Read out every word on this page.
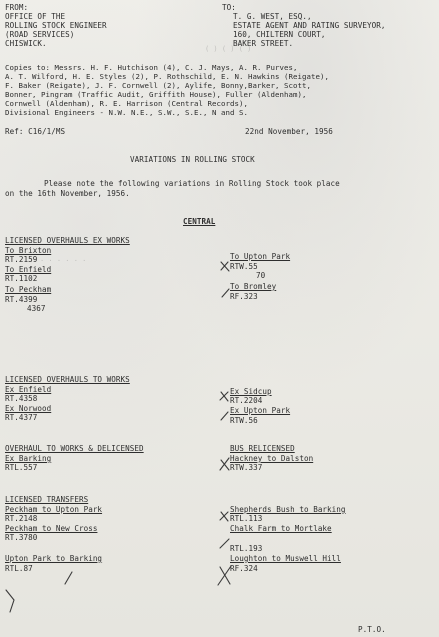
( ) ( ) ( )
· · · · · ·
FROM:
OFFICE OF THE
ROLLING STOCK ENGINEER
(ROAD SERVICES)
CHISWICK.
TO:
T. G. WEST, ESQ.,
ESTATE AGENT AND RATING SURVEYOR,
160, CHILTERN COURT,
BAKER STREET.
Copies to: Messrs. H. F. Hutchison (4), C. J. Mays, A. R. Purves,
A. T. Wilford, H. E. Styles (2), P. Rothschild, E. N. Hawkins (Reigate),
F. Baker (Reigate), J. F. Cornwell (2), Aylife, Bonny,Barker, Scott,
Bonner, Pingram (Traffic Audit, Griffith House), Fuller (Aldenham),
Cornwell (Aldenham), R. E. Harrison (Central Records),
Divisional Engineers - N.W. N.E., S.W., S.E., N and S.
Ref: C16/1/MS	22nd November, 1956
VARIATIONS IN ROLLING STOCK
Please note the following variations in Rolling Stock took place
on the 16th November, 1956.
CENTRAL
LICENSED OVERHAULS EX WORKS
To Brixton
RT.2159
To Enfield
RT.1102
To Peckham
RT.4399
4367
To Upton Park
RTW.55
70
To Bromley
RF.323
LICENSED OVERHAULS TO WORKS
Ex Enfield
RT.4358
Ex Norwood
RT.4377
Ex Sidcup
RT.2204
Ex Upton Park
RTW.56
OVERHAUL TO WORKS & DELICENSED
Ex Barking
RTL.557
BUS RELICENSED
Hackney to Dalston
RTW.337
LICENSED TRANSFERS
Peckham to Upton Park
RT.2148
Peckham to New Cross
RT.3780
Upton Park to Barking
RTL.87
Shepherds Bush to Barking
RTL.113
Chalk Farm to Mortlake
RTL.193
Loughton to Muswell Hill
RF.324
P.T.O.
